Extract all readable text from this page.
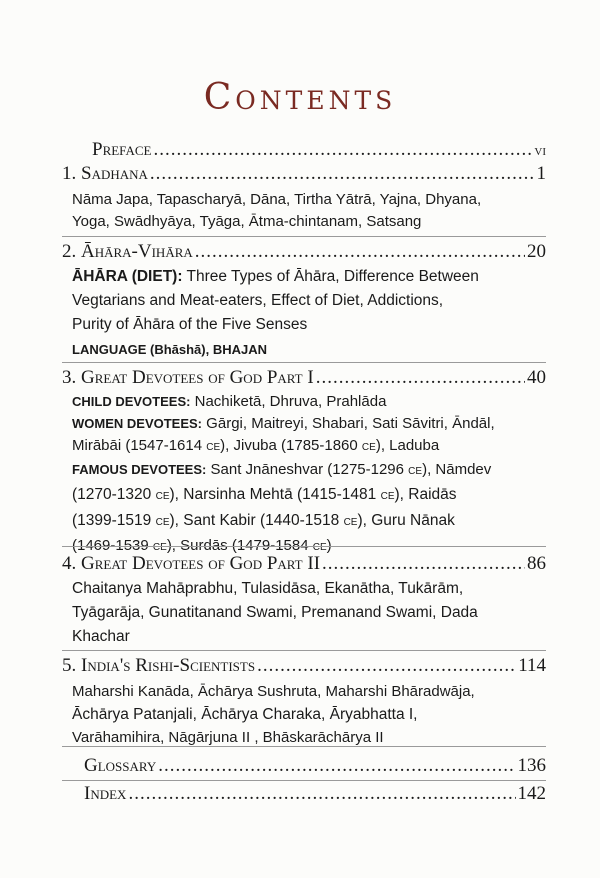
Contents
Preface .....	vi
1. Sadhana .....	1
Nāma Japa, Tapascharyā, Dāna, Tirtha Yātrā, Yajna, Dhyana,
Yoga, Swādhyāya, Tyāga, Ātma-chintanam, Satsang
2. Āhāra-Vihāra .....	20
ĀHĀRA (DIET): Three Types of Āhāra, Difference Between
Vegtarians and Meat-eaters, Effect of Diet, Addictions,
Purity of Āhāra of the Five Senses
LANGUAGE (Bhāshā), BHAJAN
3. Great Devotees of God Part I .....	40
CHILD DEVOTEES: Nachiketā, Dhruva, Prahlāda
WOMEN DEVOTEES: Gārgi, Maitreyi, Shabari, Sati Sāvitri, Āndāl,
Mirābāi (1547-1614 CE), Jivuba (1785-1860 CE), Laduba
FAMOUS DEVOTEES: Sant Jnāneshvar (1275-1296 CE), Nāmdev
(1270-1320 CE), Narsinha Mehtā (1415-1481 CE), Raidās
(1399-1519 CE), Sant Kabir (1440-1518 CE), Guru Nānak
(1469-1539 CE), Surdās (1479-1584 CE)
4. Great Devotees of God Part II .....	86
Chaitanya Mahāprabhu, Tulasidāsa, Ekanātha, Tukārām,
Tyāgarāja, Gunatitanand Swami, Premanand Swami, Dada
Khachar
5. India's Rishi-Scientists .....	114
Maharshi Kanāda, Āchārya Sushruta, Maharshi Bhāradwāja,
Āchārya Patanjali, Āchārya Charaka, Āryabhatta I,
Varāhamihira, Nāgārjuna II , Bhāskarāchārya II
Glossary .....	136
Index .....	142
